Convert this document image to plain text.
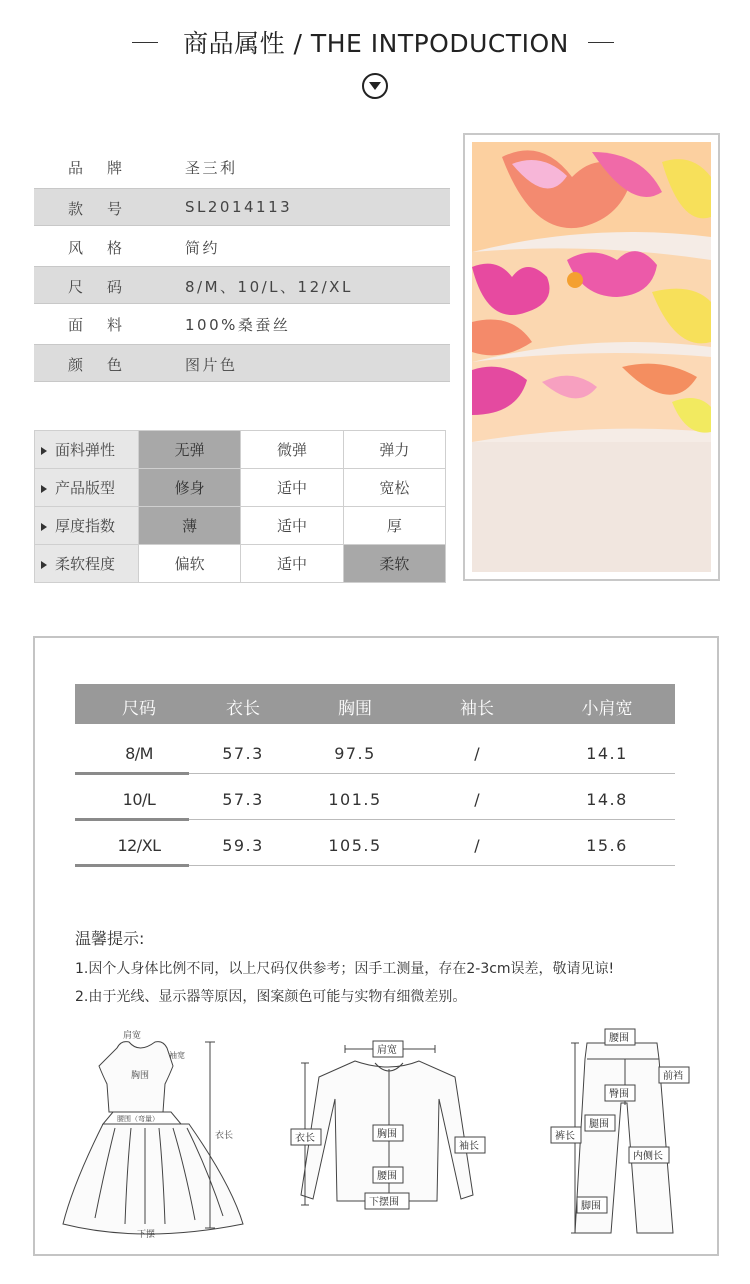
商品属性 / THE INTPODUCTION
品牌	圣三利
款号	SL2014113
风格	简约
尺码	8/M、10/L、12/XL
面料	100%桑蚕丝
颜色	图片色
面料弹性	无弹	微弹	弹力
产品版型	修身	适中	宽松
厚度指数	薄	适中	厚
柔软程度	偏软	适中	柔软
尺码	衣长	胸围	袖长	小肩宽
8/M	57.3	97.5	/	14.1
10/L	57.3	101.5	/	14.8
12/XL	59.3	105.5	/	15.6
温馨提示:
1.因个人身体比例不同，以上尺码仅供参考；因手工测量，存在2-3cm误差，敬请见谅!
2.由于光线、显示器等原因，图案颜色可能与实物有细微差别。
肩宽
胸围
腰围（弯量）
衣长
下摆
袖宽	肩宽
衣长	胸围
袖长
腰围
下摆围
腰围
前裆
臀围
裤长
腿围
内侧长
脚围
